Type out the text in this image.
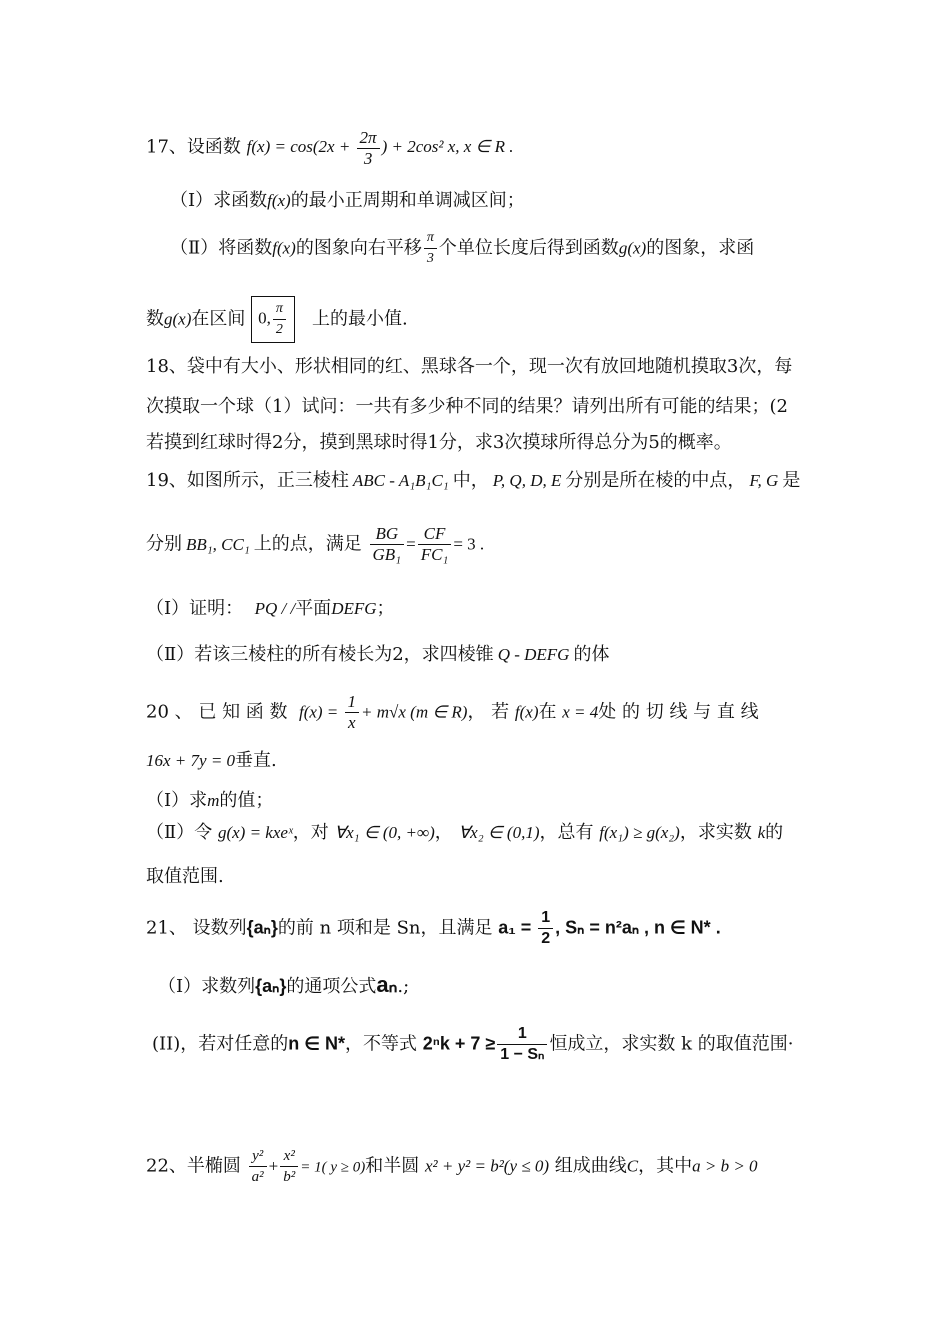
17、设函数 $f(x) = \cos(2x + \frac{2\pi}{3}$ ) + 2cos² x, x ∈ R .
（Ⅰ）求函数f(x)的最小正周期和单调减区间；
（Ⅱ）将函数f(x)的图象向右平移 $\frac{\pi}{3}$ 个单位长度后得到函数g(x)的图象，求函
数g(x)在区间 0, $\frac{\pi}{2}$ 上的最小值.
18、袋中有大小、形状相同的红、黑球各一个，现一次有放回地随机摸取3次，每
次摸取一个球（1）试问：一共有多少种不同的结果？请列出所有可能的结果；(2
若摸到红球时得2分，摸到黑球时得1分，求3次摸球所得总分为5的概率。
19、如图所示，正三棱柱 ABC - A₁B₁C₁ 中， P, Q, D, E 分别是所在棱的中点， F, G 是
分别 BB₁, CC₁ 上的点，满足 $\frac{BG}{\text{GB₁}} = \frac{CF}{\text{FC₁}} = 3$ .
（Ⅰ）证明： PQ / /平面DEFG；
（Ⅱ）若该三棱柱的所有棱长为2，求四棱锥 Q - DEFG 的体
20 、 已 知 函 数 $f(x) = \frac{1}{x} + m√x$ (m ∈ R)， 若 f(x)在 x = 4处 的 切 线 与 直 线
16x + 7y = 0垂直.
（Ⅰ）求m的值；
（Ⅱ）令 g(x) = kxeˣ，对 ∀x₁ ∈ (0, +∞)， ∀x₂ ∈ (0,1)，总有 f(x₁) ≥ g(x₂)，求实数 k的
取值范围.
21、 设数列{aₙ}的前 n 项和是 Sn，且满足 $a_1 = \frac{1}{2}$ , Sₙ = n²aₙ , n ∈ N* .
（I）求数列{aₙ}的通项公式aₙ.;
(II)，若对任意的n ∈ N*，不等式 $2^nk + 7 \ge \frac{1}{\text{1 − Sₙ}}$ 恒成立，求实数 k 的取值范围·
22、半椭圆 $\frac{\text{y²}}{\text{a²}} + \frac{\text{x²}}{\text{b²}} = 1$( y ≥ 0)和半圆 x² + y² = b²(y ≤ 0) 组成曲线C，其中a > b > 0
